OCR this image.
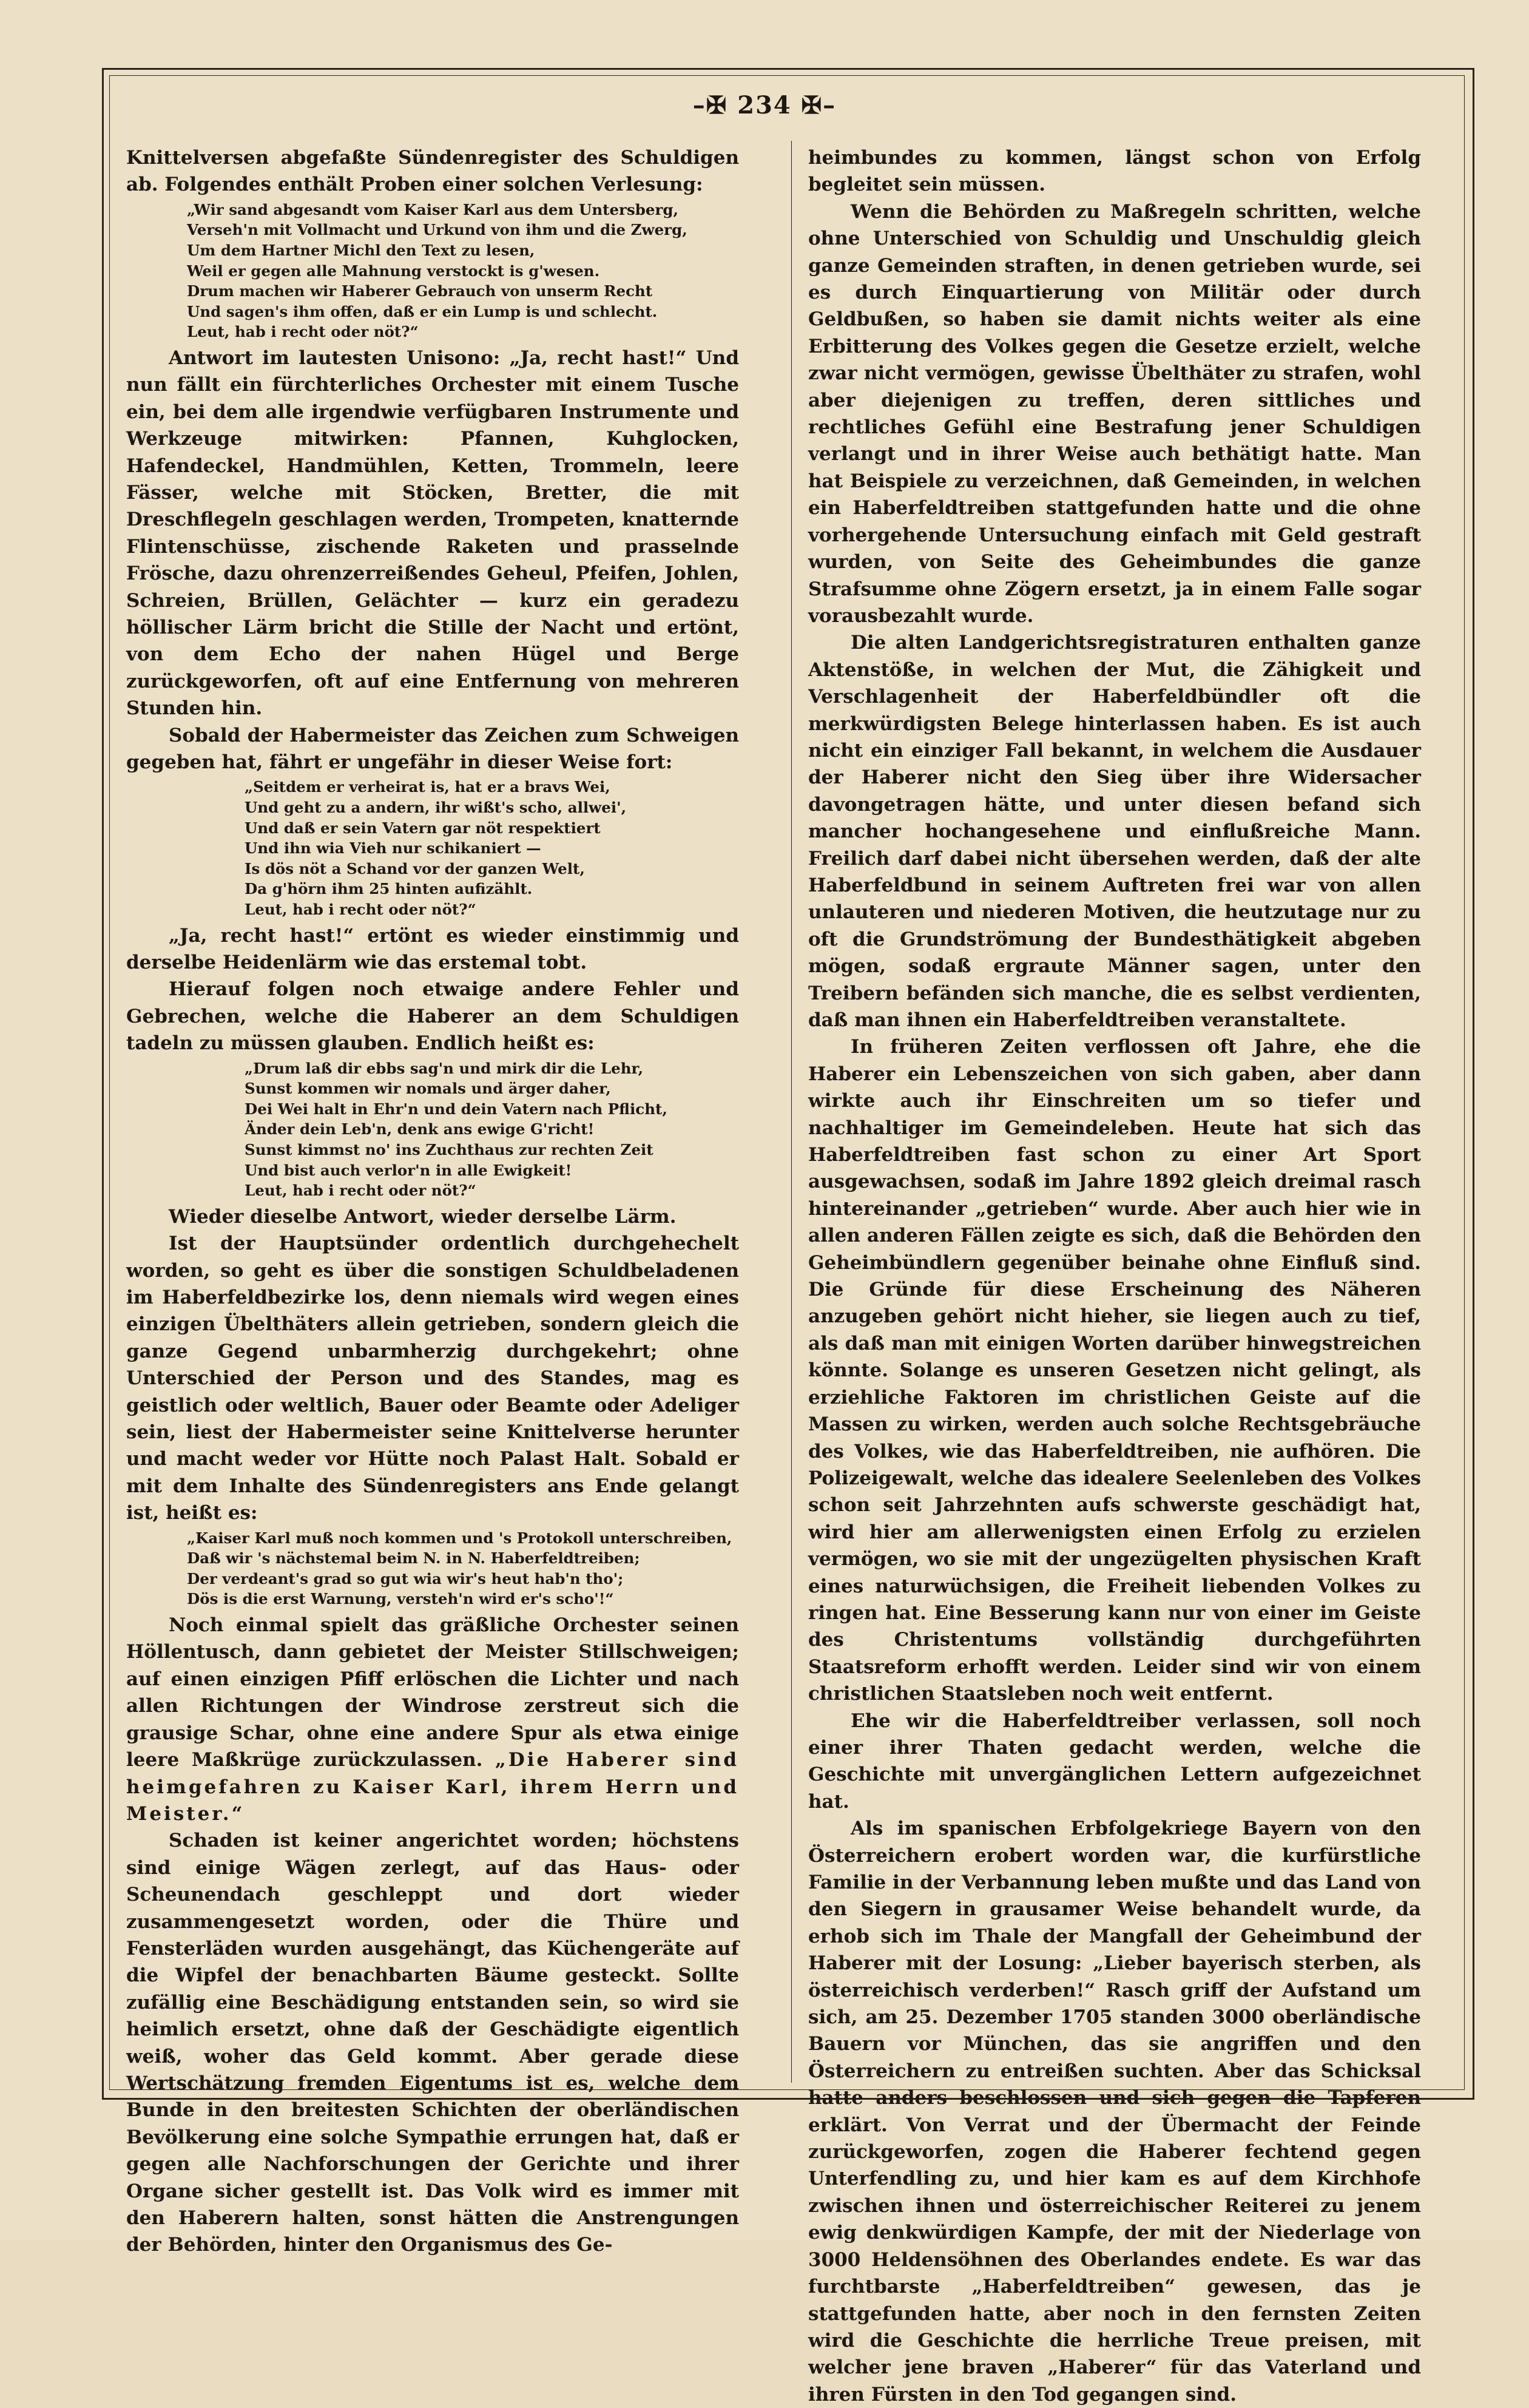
–✠ 234 ✠–

Knittelversen abgefaßte Sündenregister des Schuldigen ab. Folgendes enthält Proben einer solchen Verlesung:

„Wir sand abgesandt vom Kaiser Karl aus dem Untersberg,
Verseh'n mit Vollmacht und Urkund von ihm und die Zwerg,
Um dem Hartner Michl den Text zu lesen,
Weil er gegen alle Mahnung verstockt is g'wesen.
Drum machen wir Haberer Gebrauch von unserm Recht
Und sagen's ihm offen, daß er ein Lump is und schlecht.
Leut, hab i recht oder nöt?“

Antwort im lautesten Unisono: „Ja, recht hast!“ Und nun fällt ein fürchterliches Orchester mit einem Tusche ein, bei dem alle irgendwie verfügbaren Instrumente und Werkzeuge mitwirken: Pfannen, Kuhglocken, Hafendeckel, Handmühlen, Ketten, Trommeln, leere Fässer, welche mit Stöcken, Bretter, die mit Dreschflegeln geschlagen werden, Trompeten, knatternde Flintenschüsse, zischende Raketen und prasselnde Frösche, dazu ohrenzerreißendes Geheul, Pfeifen, Johlen, Schreien, Brüllen, Gelächter — kurz ein geradezu höllischer Lärm bricht die Stille der Nacht und ertönt, von dem Echo der nahen Hügel und Berge zurückgeworfen, oft auf eine Entfernung von mehreren Stunden hin.

Sobald der Habermeister das Zeichen zum Schweigen gegeben hat, fährt er ungefähr in dieser Weise fort:

„Seitdem er verheirat is, hat er a bravs Wei,
Und geht zu a andern, ihr wißt's scho, allwei',
Und daß er sein Vatern gar nöt respektiert
Und ihn wia Vieh nur schikaniert —
Is dös nöt a Schand vor der ganzen Welt,
Da g'hörn ihm 25 hinten aufizählt.
Leut, hab i recht oder nöt?“

„Ja, recht hast!“ ertönt es wieder einstimmig und derselbe Heidenlärm wie das erstemal tobt.

Hierauf folgen noch etwaige andere Fehler und Gebrechen, welche die Haberer an dem Schuldigen tadeln zu müssen glauben. Endlich heißt es:

„Drum laß dir ebbs sag'n und mirk dir die Lehr,
Sunst kommen wir nomals und ärger daher,
Dei Wei halt in Ehr'n und dein Vatern nach Pflicht,
Änder dein Leb'n, denk ans ewige G'richt!
Sunst kimmst no' ins Zuchthaus zur rechten Zeit
Und bist auch verlor'n in alle Ewigkeit!
Leut, hab i recht oder nöt?“

Wieder dieselbe Antwort, wieder derselbe Lärm.

Ist der Hauptsünder ordentlich durchgehechelt worden, so geht es über die sonstigen Schuldbeladenen im Haberfeldbezirke los, denn niemals wird wegen eines einzigen Übelthäters allein getrieben, sondern gleich die ganze Gegend unbarmherzig durchgekehrt; ohne Unterschied der Person und des Standes, mag es geistlich oder weltlich, Bauer oder Beamte oder Adeliger sein, liest der Habermeister seine Knittelverse herunter und macht weder vor Hütte noch Palast Halt. Sobald er mit dem Inhalte des Sündenregisters ans Ende gelangt ist, heißt es:

„Kaiser Karl muß noch kommen und 's Protokoll unterschreiben,
Daß wir 's nächstemal beim N. in N. Haberfeldtreiben;
Der verdeant's grad so gut wia wir's heut hab'n tho';
Dös is die erst Warnung, versteh'n wird er's scho'!“

Noch einmal spielt das gräßliche Orchester seinen Höllentusch, dann gebietet der Meister Stillschweigen; auf einen einzigen Pfiff erlöschen die Lichter und nach allen Richtungen der Windrose zerstreut sich die grausige Schar, ohne eine andere Spur als etwa einige leere Maßkrüge zurückzulassen. „Die Haberer sind heimgefahren zu Kaiser Karl, ihrem Herrn und Meister.“

Schaden ist keiner angerichtet worden; höchstens sind einige Wägen zerlegt, auf das Haus- oder Scheunendach geschleppt und dort wieder zusammengesetzt worden, oder die Thüre und Fensterläden wurden ausgehängt, das Küchengeräte auf die Wipfel der benachbarten Bäume gesteckt. Sollte zufällig eine Beschädigung entstanden sein, so wird sie heimlich ersetzt, ohne daß der Geschädigte eigentlich weiß, woher das Geld kommt. Aber gerade diese Wertschätzung fremden Eigentums ist es, welche dem Bunde in den breitesten Schichten der oberländischen Bevölkerung eine solche Sympathie errungen hat, daß er gegen alle Nachforschungen der Gerichte und ihrer Organe sicher gestellt ist. Das Volk wird es immer mit den Haberern halten, sonst hätten die Anstrengungen der Behörden, hinter den Organismus des Ge-

heimbundes zu kommen, längst schon von Erfolg begleitet sein müssen.

Wenn die Behörden zu Maßregeln schritten, welche ohne Unterschied von Schuldig und Unschuldig gleich ganze Gemeinden straften, in denen getrieben wurde, sei es durch Einquartierung von Militär oder durch Geldbußen, so haben sie damit nichts weiter als eine Erbitterung des Volkes gegen die Gesetze erzielt, welche zwar nicht vermögen, gewisse Übelthäter zu strafen, wohl aber diejenigen zu treffen, deren sittliches und rechtliches Gefühl eine Bestrafung jener Schuldigen verlangt und in ihrer Weise auch bethätigt hatte. Man hat Beispiele zu verzeichnen, daß Gemeinden, in welchen ein Haberfeldtreiben stattgefunden hatte und die ohne vorhergehende Untersuchung einfach mit Geld gestraft wurden, von Seite des Geheimbundes die ganze Strafsumme ohne Zögern ersetzt, ja in einem Falle sogar vorausbezahlt wurde.

Die alten Landgerichtsregistraturen enthalten ganze Aktenstöße, in welchen der Mut, die Zähigkeit und Verschlagenheit der Haberfeldbündler oft die merkwürdigsten Belege hinterlassen haben. Es ist auch nicht ein einziger Fall bekannt, in welchem die Ausdauer der Haberer nicht den Sieg über ihre Widersacher davongetragen hätte, und unter diesen befand sich mancher hochangesehene und einflußreiche Mann. Freilich darf dabei nicht übersehen werden, daß der alte Haberfeldbund in seinem Auftreten frei war von allen unlauteren und niederen Motiven, die heutzutage nur zu oft die Grundströmung der Bundesthätigkeit abgeben mögen, sodaß ergraute Männer sagen, unter den Treibern befänden sich manche, die es selbst verdienten, daß man ihnen ein Haberfeldtreiben veranstaltete.

In früheren Zeiten verflossen oft Jahre, ehe die Haberer ein Lebenszeichen von sich gaben, aber dann wirkte auch ihr Einschreiten um so tiefer und nachhaltiger im Gemeindeleben. Heute hat sich das Haberfeldtreiben fast schon zu einer Art Sport ausgewachsen, sodaß im Jahre 1892 gleich dreimal rasch hintereinander „getrieben“ wurde. Aber auch hier wie in allen anderen Fällen zeigte es sich, daß die Behörden den Geheimbündlern gegenüber beinahe ohne Einfluß sind. Die Gründe für diese Erscheinung des Näheren anzugeben gehört nicht hieher, sie liegen auch zu tief, als daß man mit einigen Worten darüber hinwegstreichen könnte. Solange es unseren Gesetzen nicht gelingt, als erziehliche Faktoren im christlichen Geiste auf die Massen zu wirken, werden auch solche Rechtsgebräuche des Volkes, wie das Haberfeldtreiben, nie aufhören. Die Polizeigewalt, welche das idealere Seelenleben des Volkes schon seit Jahrzehnten aufs schwerste geschädigt hat, wird hier am allerwenigsten einen Erfolg zu erzielen vermögen, wo sie mit der ungezügelten physischen Kraft eines naturwüchsigen, die Freiheit liebenden Volkes zu ringen hat. Eine Besserung kann nur von einer im Geiste des Christentums vollständig durchgeführten Staatsreform erhofft werden. Leider sind wir von einem christlichen Staatsleben noch weit entfernt.

Ehe wir die Haberfeldtreiber verlassen, soll noch einer ihrer Thaten gedacht werden, welche die Geschichte mit unvergänglichen Lettern aufgezeichnet hat.

Als im spanischen Erbfolgekriege Bayern von den Österreichern erobert worden war, die kurfürstliche Familie in der Verbannung leben mußte und das Land von den Siegern in grausamer Weise behandelt wurde, da erhob sich im Thale der Mangfall der Geheimbund der Haberer mit der Losung: „Lieber bayerisch sterben, als österreichisch verderben!“ Rasch griff der Aufstand um sich, am 25. Dezember 1705 standen 3000 oberländische Bauern vor München, das sie angriffen und den Österreichern zu entreißen suchten. Aber das Schicksal hatte anders beschlossen und sich gegen die Tapferen erklärt. Von Verrat und der Übermacht der Feinde zurückgeworfen, zogen die Haberer fechtend gegen Unterfendling zu, und hier kam es auf dem Kirchhofe zwischen ihnen und österreichischer Reiterei zu jenem ewig denkwürdigen Kampfe, der mit der Niederlage von 3000 Heldensöhnen des Oberlandes endete. Es war das furchtbarste „Haberfeldtreiben“ gewesen, das je stattgefunden hatte, aber noch in den fernsten Zeiten wird die Geschichte die herrliche Treue preisen, mit welcher jene braven „Haberer“ für das Vaterland und ihren Fürsten in den Tod gegangen sind.
